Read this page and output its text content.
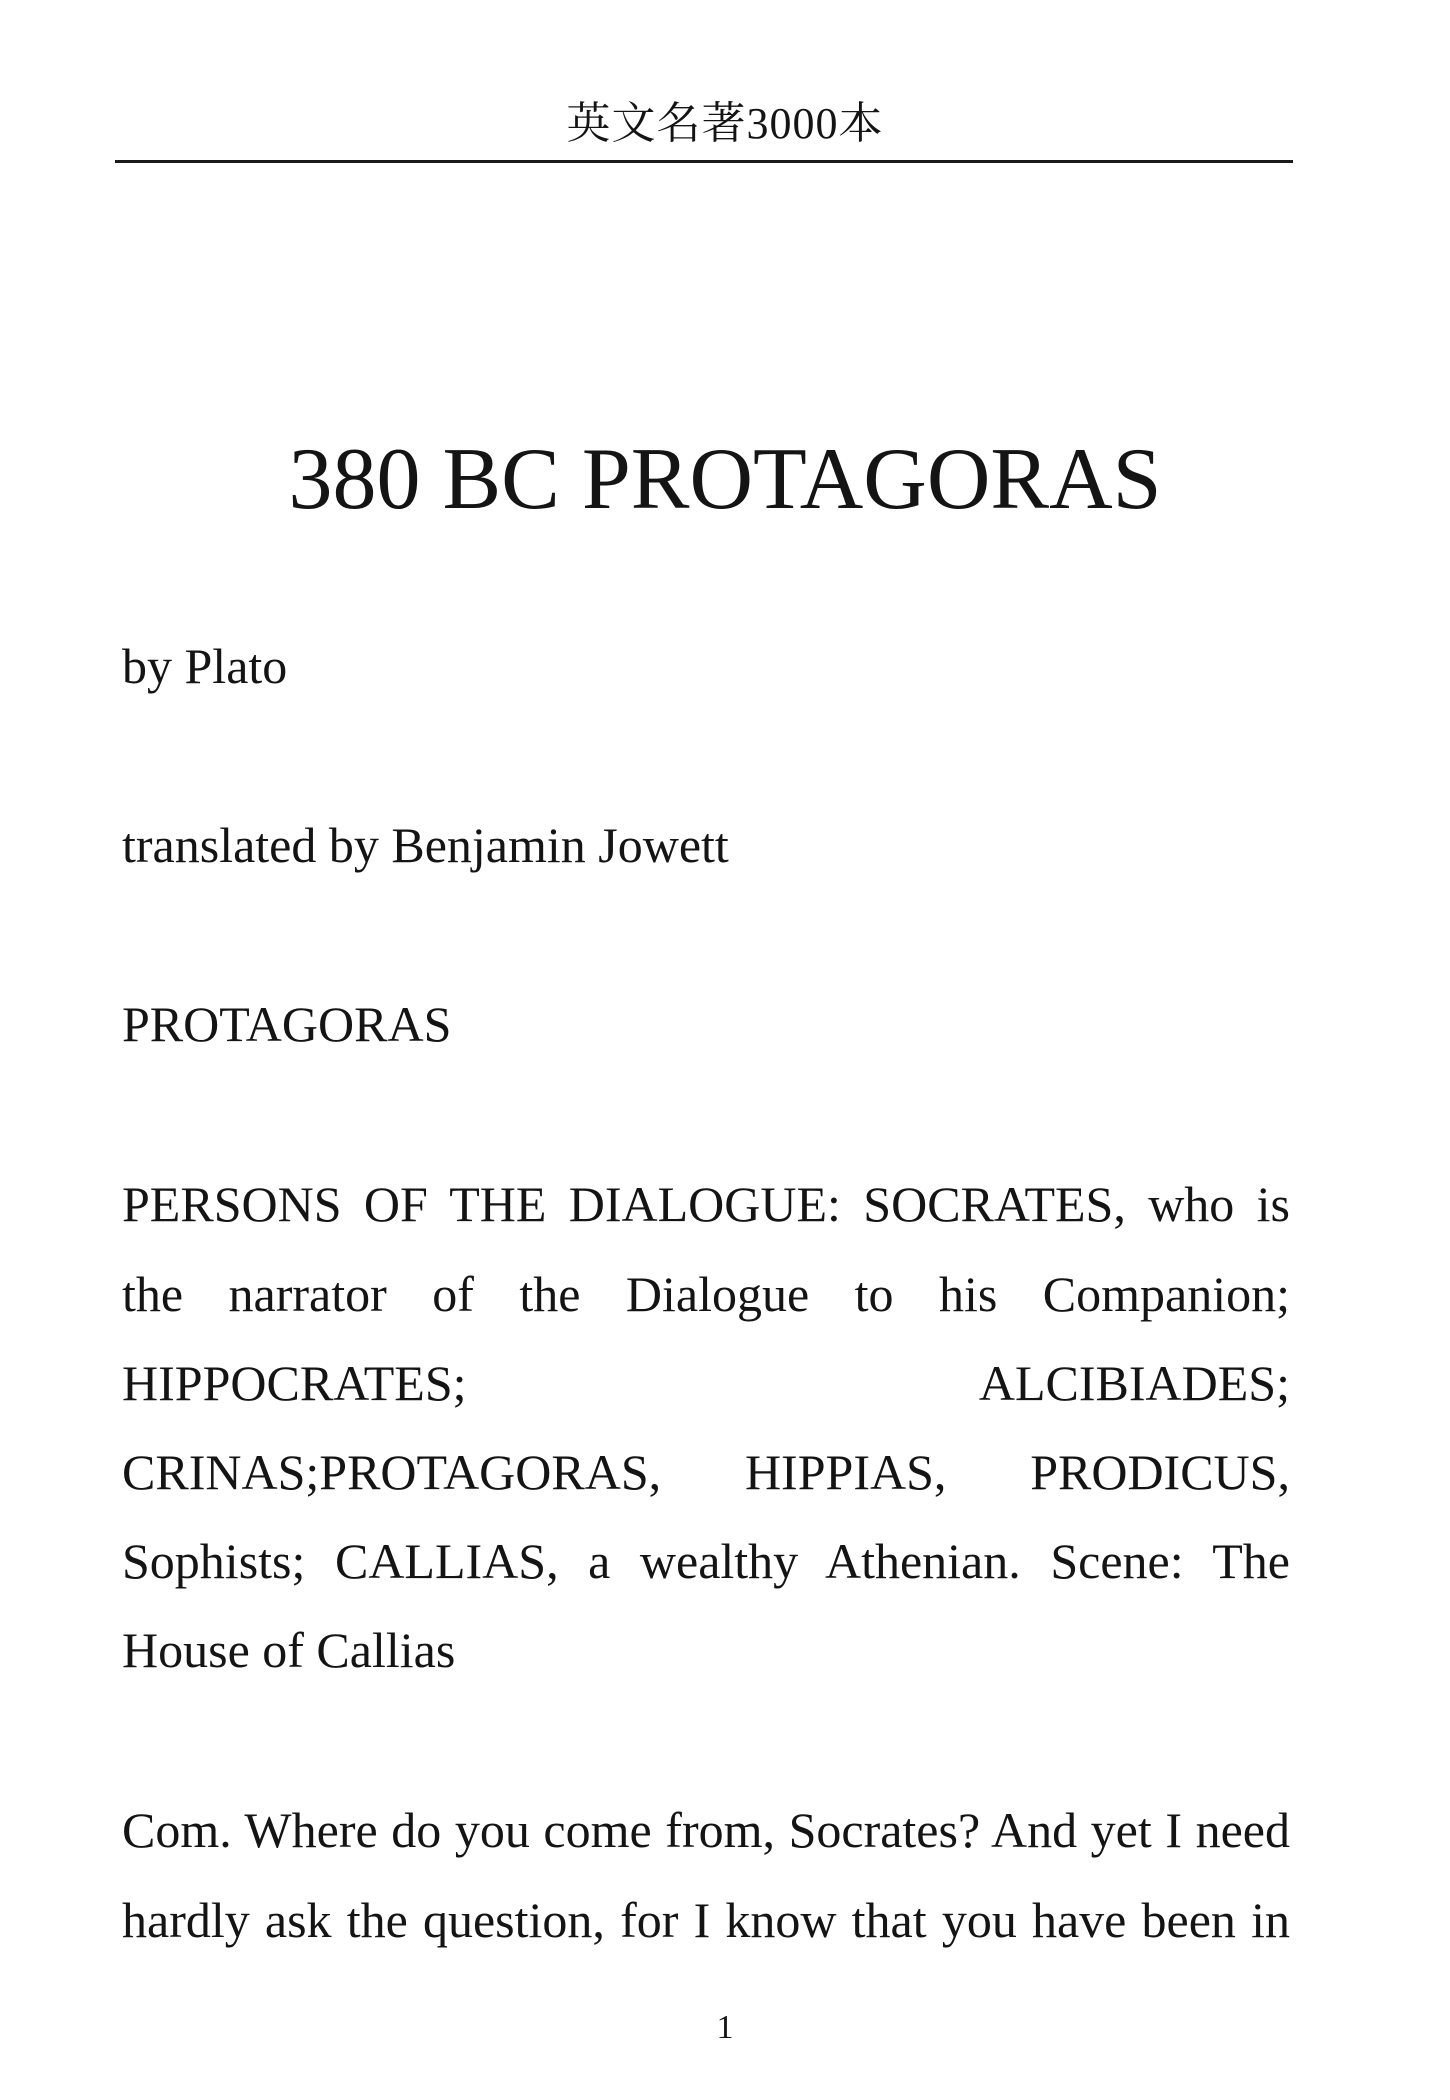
英文名著3000本
380 BC PROTAGORAS
by Plato
translated by Benjamin Jowett
PROTAGORAS
PERSONS OF THE DIALOGUE: SOCRATES, who is
the narrator of the Dialogue to his Companion;
HIPPOCRATES;	ALCIBIADES;
CRINAS;PROTAGORAS, HIPPIAS, PRODICUS,
Sophists; CALLIAS, a wealthy Athenian. Scene: The
House of Callias
Com. Where do you come from, Socrates? And yet I need
hardly ask the question, for I know that you have been in
1
